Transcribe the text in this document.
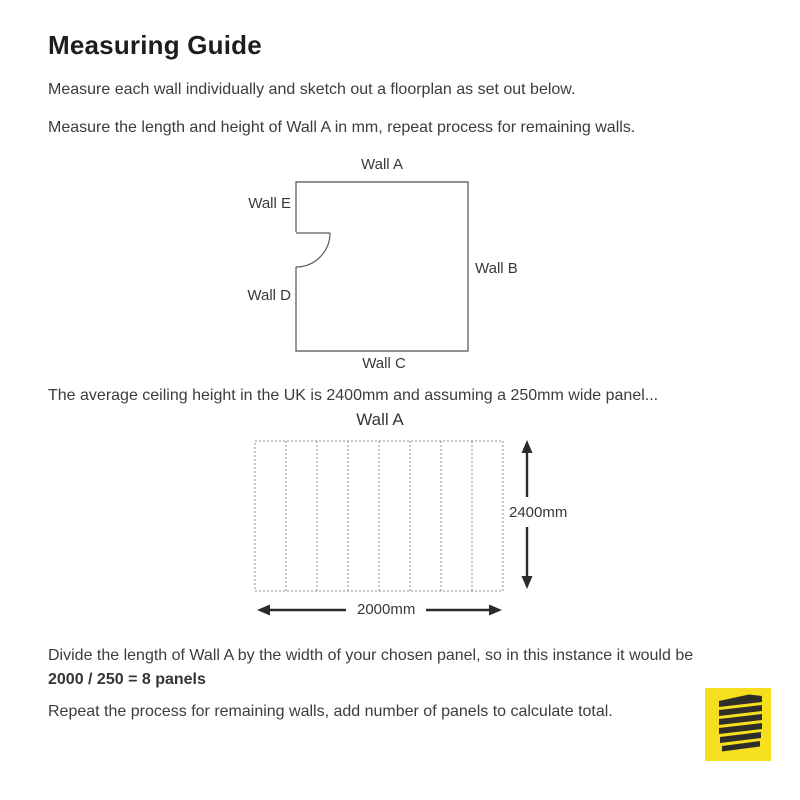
Measuring Guide

Measure each wall individually and sketch out a floorplan as set out below.

Measure the length and height of Wall A in mm, repeat process for remaining walls.

Wall A
Wall E
Wall B
Wall D
Wall C

The average ceiling height in the UK is 2400mm and assuming a 250mm wide panel...

Wall A
2400mm
2000mm

Divide the length of Wall A by the width of your chosen panel, so in this instance it would be

2000 / 250 = 8 panels

Repeat the process for remaining walls, add number of panels to calculate total.
